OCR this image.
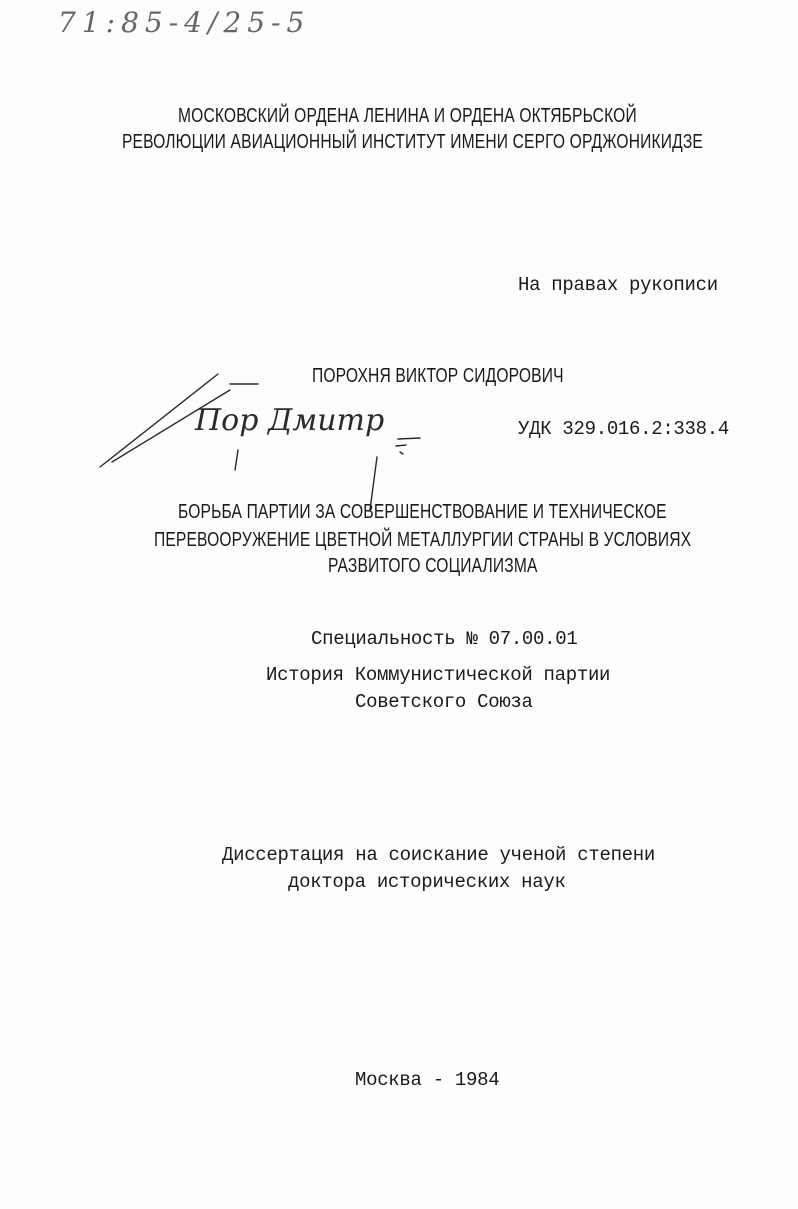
71:85-4/25-5
МОСКОВСКИЙ ОРДЕНА ЛЕНИНА И ОРДЕНА ОКТЯБРЬСКОЙ
РЕВОЛЮЦИИ АВИАЦИОННЫЙ ИНСТИТУТ ИМЕНИ СЕРГО ОРДЖОНИКИДЗЕ
На правах рукописи
ПОРОХНЯ ВИКТОР СИДОРОВИЧ
УДК 329.016.2:338.4
Пор Дмитр
БОРЬБА ПАРТИИ ЗА СОВЕРШЕНСТВОВАНИЕ И ТЕХНИЧЕСКОЕ
ПЕРЕВООРУЖЕНИЕ ЦВЕТНОЙ МЕТАЛЛУРГИИ СТРАНЫ В УСЛОВИЯХ
РАЗВИТОГО СОЦИАЛИЗМА
Специальность № 07.00.01
История Коммунистической партии
Советского Союза
Диссертация на соискание ученой степени
доктора исторических наук
Москва - 1984
